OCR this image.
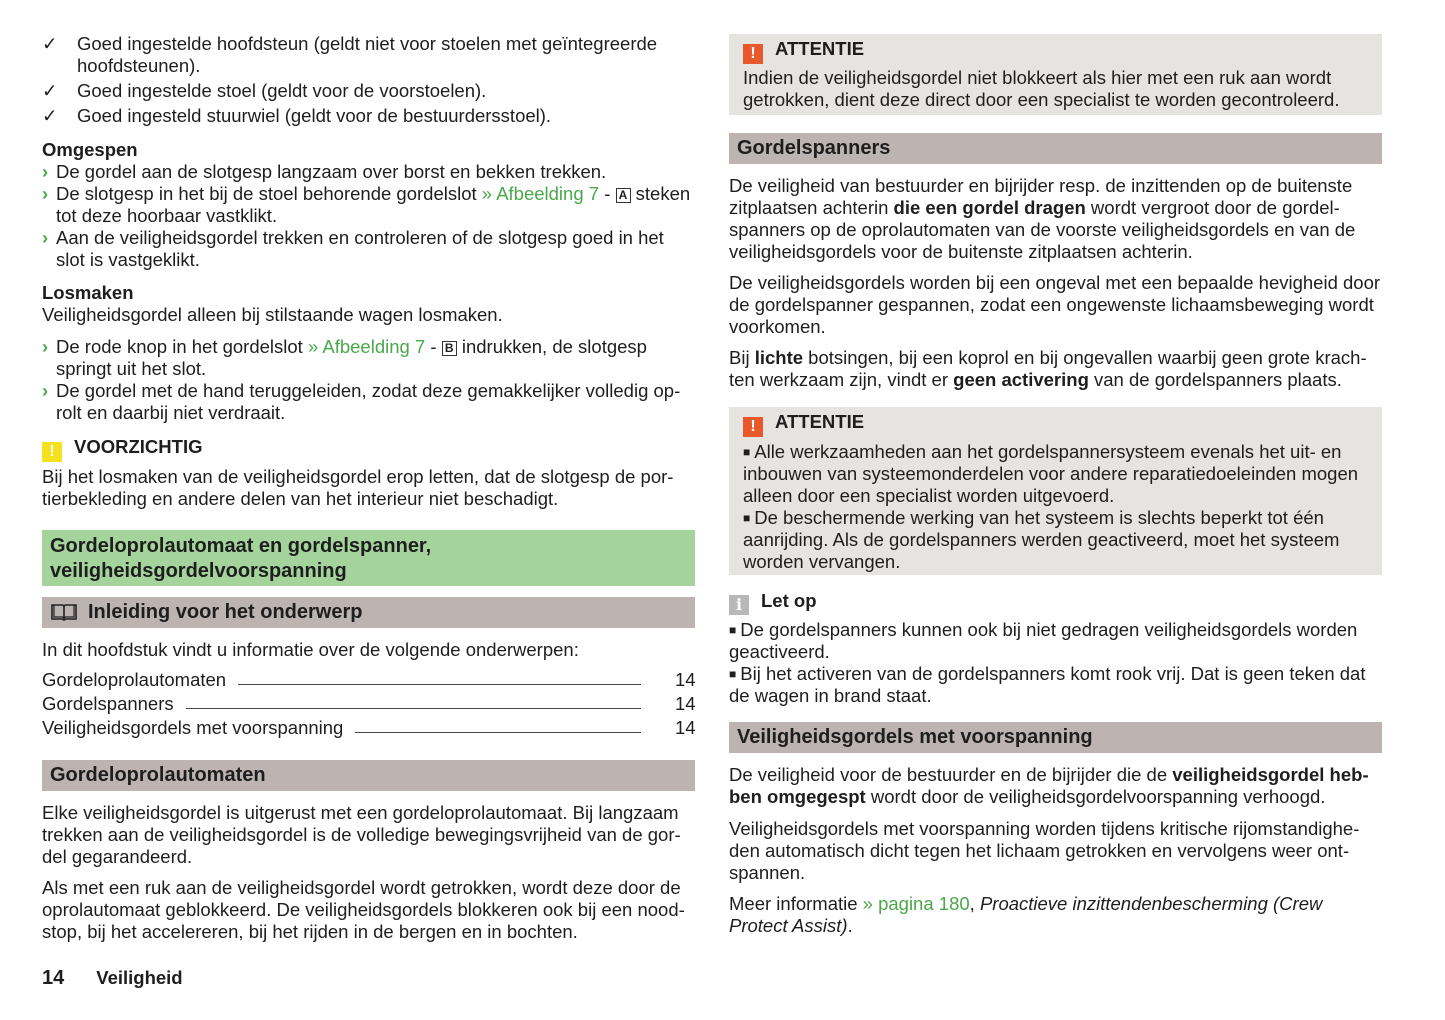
✓	Goed ingestelde hoofdsteun (geldt niet voor stoelen met geïntegreerde hoofdsteunen).
✓	Goed ingestelde stoel (geldt voor de voorstoelen).
✓	Goed ingesteld stuurwiel (geldt voor de bestuurdersstoel).
Omgespen
› De gordel aan de slotgesp langzaam over borst en bekken trekken.
› De slotgesp in het bij de stoel behorende gordelslot » Afbeelding 7 - A steken tot deze hoorbaar vastklikt.
› Aan de veiligheidsgordel trekken en controleren of de slotgesp goed in het slot is vastgeklikt.
Losmaken
Veiligheidsgordel alleen bij stilstaande wagen losmaken.
› De rode knop in het gordelslot » Afbeelding 7 - B indrukken, de slotgesp springt uit het slot.
› De gordel met de hand teruggeleiden, zodat deze gemakkelijker volledig oprolt en daarbij niet verdraait.
! VOORZICHTIG

Bij het losmaken van de veiligheidsgordel erop letten, dat de slotgesp de portierbekleding en andere delen van het interieur niet beschadigt.

Gordeloprolautomaat en gordelspanner,
veiligheidsgordelvoorspanning
Inleiding voor het onderwerp
In dit hoofdstuk vindt u informatie over de volgende onderwerpen:
Gordeloprolautomaten	14
Gordelspanners	14
Veiligheidsgordels met voorspanning	14
Gordeloprolautomaten
Elke veiligheidsgordel is uitgerust met een gordeloprolautomaat. Bij langzaam trekken aan de veiligheidsgordel is de volledige bewegingsvrijheid van de gordel gegarandeerd.
Als met een ruk aan de veiligheidsgordel wordt getrokken, wordt deze door de oprolautomaat geblokkeerd. De veiligheidsgordels blokkeren ook bij een noodstop, bij het accelereren, bij het rijden in de bergen en in bochten.
14 Veiligheid
! ATTENTIE

Indien de veiligheidsgordel niet blokkeert als hier met een ruk aan wordt getrokken, dient deze direct door een specialist te worden gecontroleerd.

Gordelspanners

De veiligheid van bestuurder en bijrijder resp. de inzittenden op de buitenste zitplaatsen achterin die een gordel dragen wordt vergroot door de gordelspanners op de oprolautomaten van de voorste veiligheidsgordels en van de veiligheidsgordels voor de buitenste zitplaatsen achterin.

De veiligheidsgordels worden bij een ongeval met een bepaalde hevigheid door de gordelspanner gespannen, zodat een ongewenste lichaamsbeweging wordt voorkomen.

Bij lichte botsingen, bij een koprol en bij ongevallen waarbij geen grote krachten werkzaam zijn, vindt er geen activering van de gordelspanners plaats.

! ATTENTIE

■ Alle werkzaamheden aan het gordelspannersysteem evenals het uit- en inbouwen van systeemonderdelen voor andere reparatiedoeleinden mogen alleen door een specialist worden uitgevoerd.

■ De beschermende werking van het systeem is slechts beperkt tot één aanrijding. Als de gordelspanners werden geactiveerd, moet het systeem worden vervangen.

i Let op

■ De gordelspanners kunnen ook bij niet gedragen veiligheidsgordels worden geactiveerd.

■ Bij het activeren van de gordelspanners komt rook vrij. Dat is geen teken dat de wagen in brand staat.

Veiligheidsgordels met voorspanning

De veiligheid voor de bestuurder en de bijrijder die de veiligheidsgordel hebben omgegespt wordt door de veiligheidsgordelvoorspanning verhoogd.

Veiligheidsgordels met voorspanning worden tijdens kritische rijomstandigheden automatisch dicht tegen het lichaam getrokken en vervolgens weer ontspannen.

Meer informatie » pagina 180, Proactieve inzittendenbescherming (Crew Protect Assist).
